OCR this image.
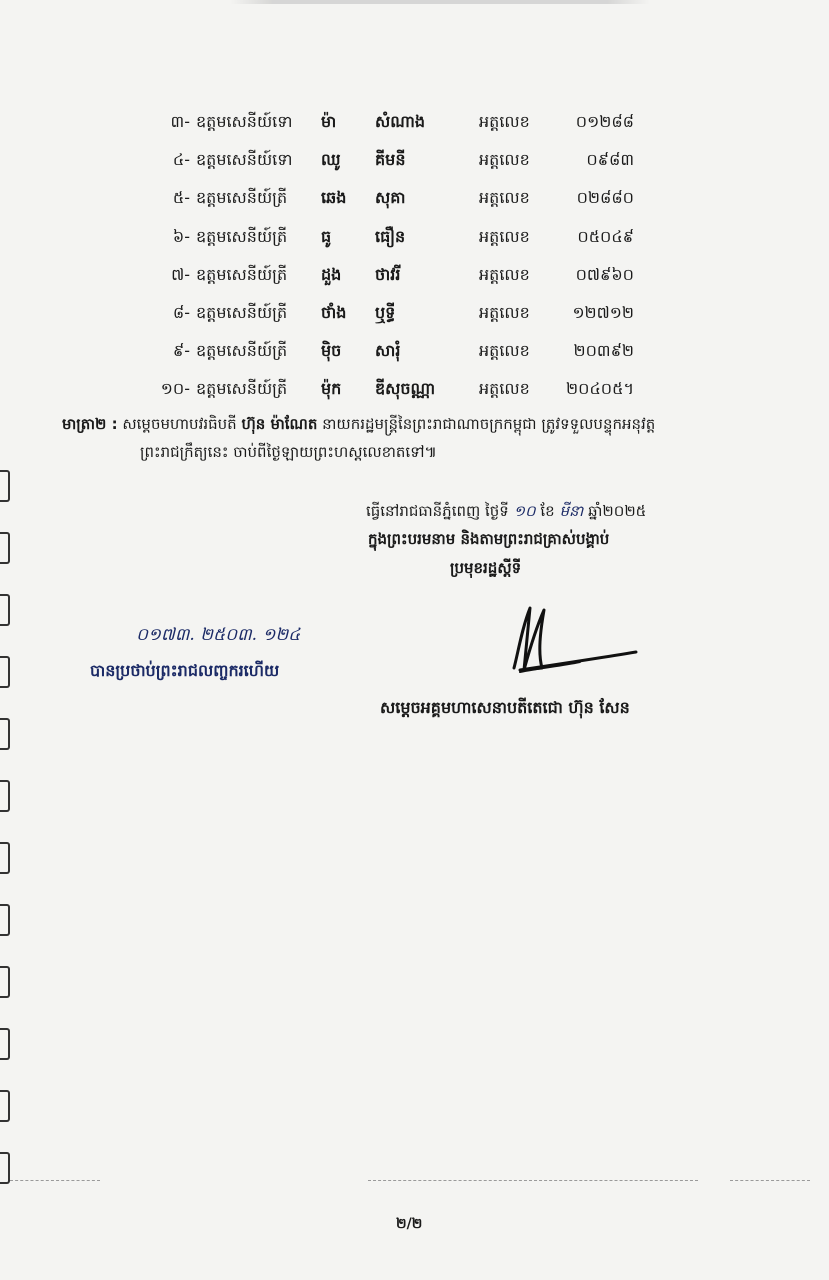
៣-	ឧត្តមសេនីយ៍ទោ	ម៉ា	សំណាង	អត្តលេខ	០១២៨៨
៤-	ឧត្តមសេនីយ៍ទោ	ឈូ	គីមនី	អត្តលេខ	០៩៨៣
៥-	ឧត្តមសេនីយ៍ត្រី	ឆេង	សុគា	អត្តលេខ	០២៨៨០
៦-	ឧត្តមសេនីយ៍ត្រី	ធូ	ធឿន	អត្តលេខ	០៥០៤៩
៧-	ឧត្តមសេនីយ៍ត្រី	ដួង	ថាវរី	អត្តលេខ	០៧៩៦០
៨-	ឧត្តមសេនីយ៍ត្រី	ថាំង	ឬទ្ធី	អត្តលេខ	១២៧១២
៩-	ឧត្តមសេនីយ៍ត្រី	មុិច	សារុំ	អត្តលេខ	២០៣៩២
១០-	ឧត្តមសេនីយ៍ត្រី	ម៉ុក	ឌីសុចណ្ណា	អត្តលេខ	២០៤០៥។
មាត្រា២ : សម្តេចមហាបវរធិបតី ហ៊ុន ម៉ាណែត នាយករដ្ឋមន្ត្រីនៃព្រះរាជាណាចក្រកម្ពុជា ត្រូវទទួលបន្ទុកអនុវត្ត
ព្រះរាជក្រឹត្យនេះ ចាប់ពីថ្ងៃឡាយព្រះហស្តលេខាតទៅ៕
ធ្វើនៅរាជធានីភ្នំពេញ ថ្ងៃទី ១០ ខែ មីនា ឆ្នាំ២០២៥
ក្នុងព្រះបរមនាម និងតាមព្រះរាជគ្រាស់បង្គាប់
ប្រមុខរដ្ឋស្តីទី
សម្តេចអគ្គមហាសេនាបតីតេជោ ហ៊ុន សែន
០១៧៣. ២៥០៣. ១២៤
បានប្រថាប់ព្រះរាជលញ្ចករហើយ
២/២
